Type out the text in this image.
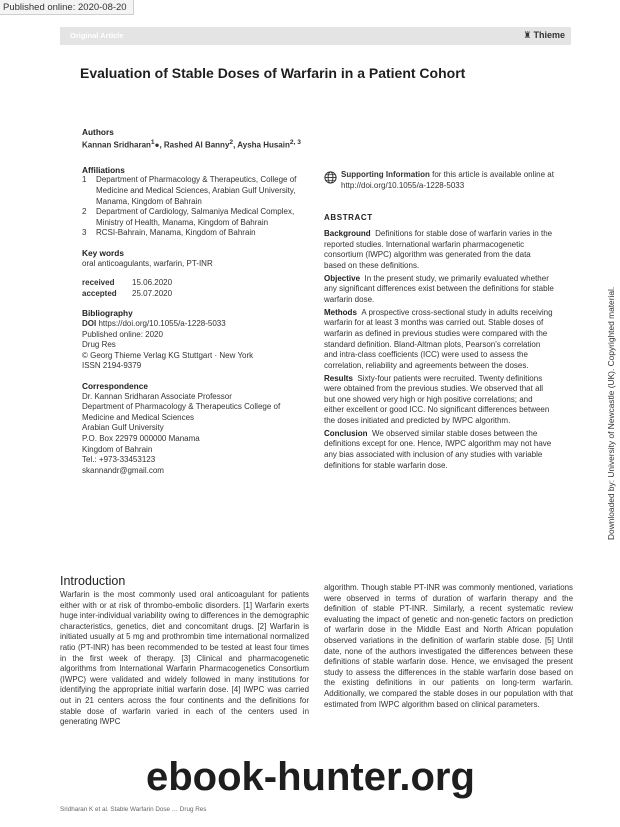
Published online: 2020-08-20
Original Article	♜ Thieme
Evaluation of Stable Doses of Warfarin in a Patient Cohort
Authors
Kannan Sridharan$^1$●, Rashed Al Banny$^2$, Aysha Husain$^{2, 3}$
Affiliations
1	Department of Pharmacology & Therapeutics, College of Medicine and Medical Sciences, Arabian Gulf University, Manama, Kingdom of Bahrain
2	Department of Cardiology, Salmaniya Medical Complex, Ministry of Health, Manama, Kingdom of Bahrain
3	RCSI-Bahrain, Manama, Kingdom of Bahrain
Key words
oral anticoagulants, warfarin, PT-INR
received	15.06.2020
accepted	25.07.2020
Bibliography
DOI https://doi.org/10.1055/a-1228-5033
Published online: 2020
Drug Res
© Georg Thieme Verlag KG Stuttgart · New York
ISSN 2194-9379
Correspondence
Dr. Kannan Sridharan Associate Professor
Department of Pharmacology & Therapeutics College of
Medicine and Medical Sciences
Arabian Gulf University
P.O. Box 22979 000000 Manama
Kingdom of Bahrain
Tel.: +973-33453123
skannandr@gmail.com
Supporting Information for this article is available online at http://doi.org/10.1055/a-1228-5033
ABSTRACT
Background Definitions for stable dose of warfarin varies in the reported studies. International warfarin pharmacogenetic consortium (IWPC) algorithm was generated from the data based on these definitions.
Objective In the present study, we primarily evaluated whether any significant differences exist between the definitions for stable warfarin dose.
Methods A prospective cross-sectional study in adults receiving warfarin for at least 3 months was carried out. Stable doses of warfarin as defined in previous studies were compared with the standard definition. Bland-Altman plots, Pearson's correlation and intra-class coefficients (ICC) were used to assess the correlation, reliability and agreements between the doses.
Results Sixty-four patients were recruited. Twenty definitions were obtained from the previous studies. We observed that all but one showed very high or high positive correlations; and either excellent or good ICC. No significant differences between the doses initiated and predicted by IWPC algorithm.
Conclusion We observed similar stable doses between the definitions except for one. Hence, IWPC algorithm may not have any bias associated with inclusion of any studies with variable definitions for stable warfarin dose.	Downloaded by: University of Newcastle (UK). Copyrighted material.
Introduction
Warfarin is the most commonly used oral anticoagulant for patients either with or at risk of thrombo-embolic disorders. [1] Warfarin exerts huge inter-individual variability owing to differences in the demographic characteristics, genetics, diet and concomitant drugs. [2] Warfarin is initiated usually at 5 mg and prothrombin time international normalized ratio (PT-INR) has been recommended to be tested at least four times in the first week of therapy. [3] Clinical and pharmacogenetic algorithms from International Warfarin Pharmacogenetics Consortium (IWPC) were validated and widely followed in many institutions for identifying the appropriate initial warfarin dose. [4] IWPC was carried out in 21 centers across the four continents and the definitions for stable dose of warfarin varied in each of the centers used in generating IWPC
algorithm. Though stable PT-INR was commonly mentioned, variations were observed in terms of duration of warfarin therapy and the definition of stable PT-INR. Similarly, a recent systematic review evaluating the impact of genetic and non-genetic factors on prediction of warfarin dose in the Middle East and North African population observed variations in the definition of warfarin stable dose. [5] Until date, none of the authors investigated the differences between these definitions of stable warfarin dose. Hence, we envisaged the present study to assess the differences in the stable warfarin dose based on the existing definitions in our patients on long-term warfarin. Additionally, we compared the stable doses in our population with that estimated from IWPC algorithm based on clinical parameters.
Sridharan K et al. Stable Warfarin Dose … Drug Res
ebook-hunter.org
